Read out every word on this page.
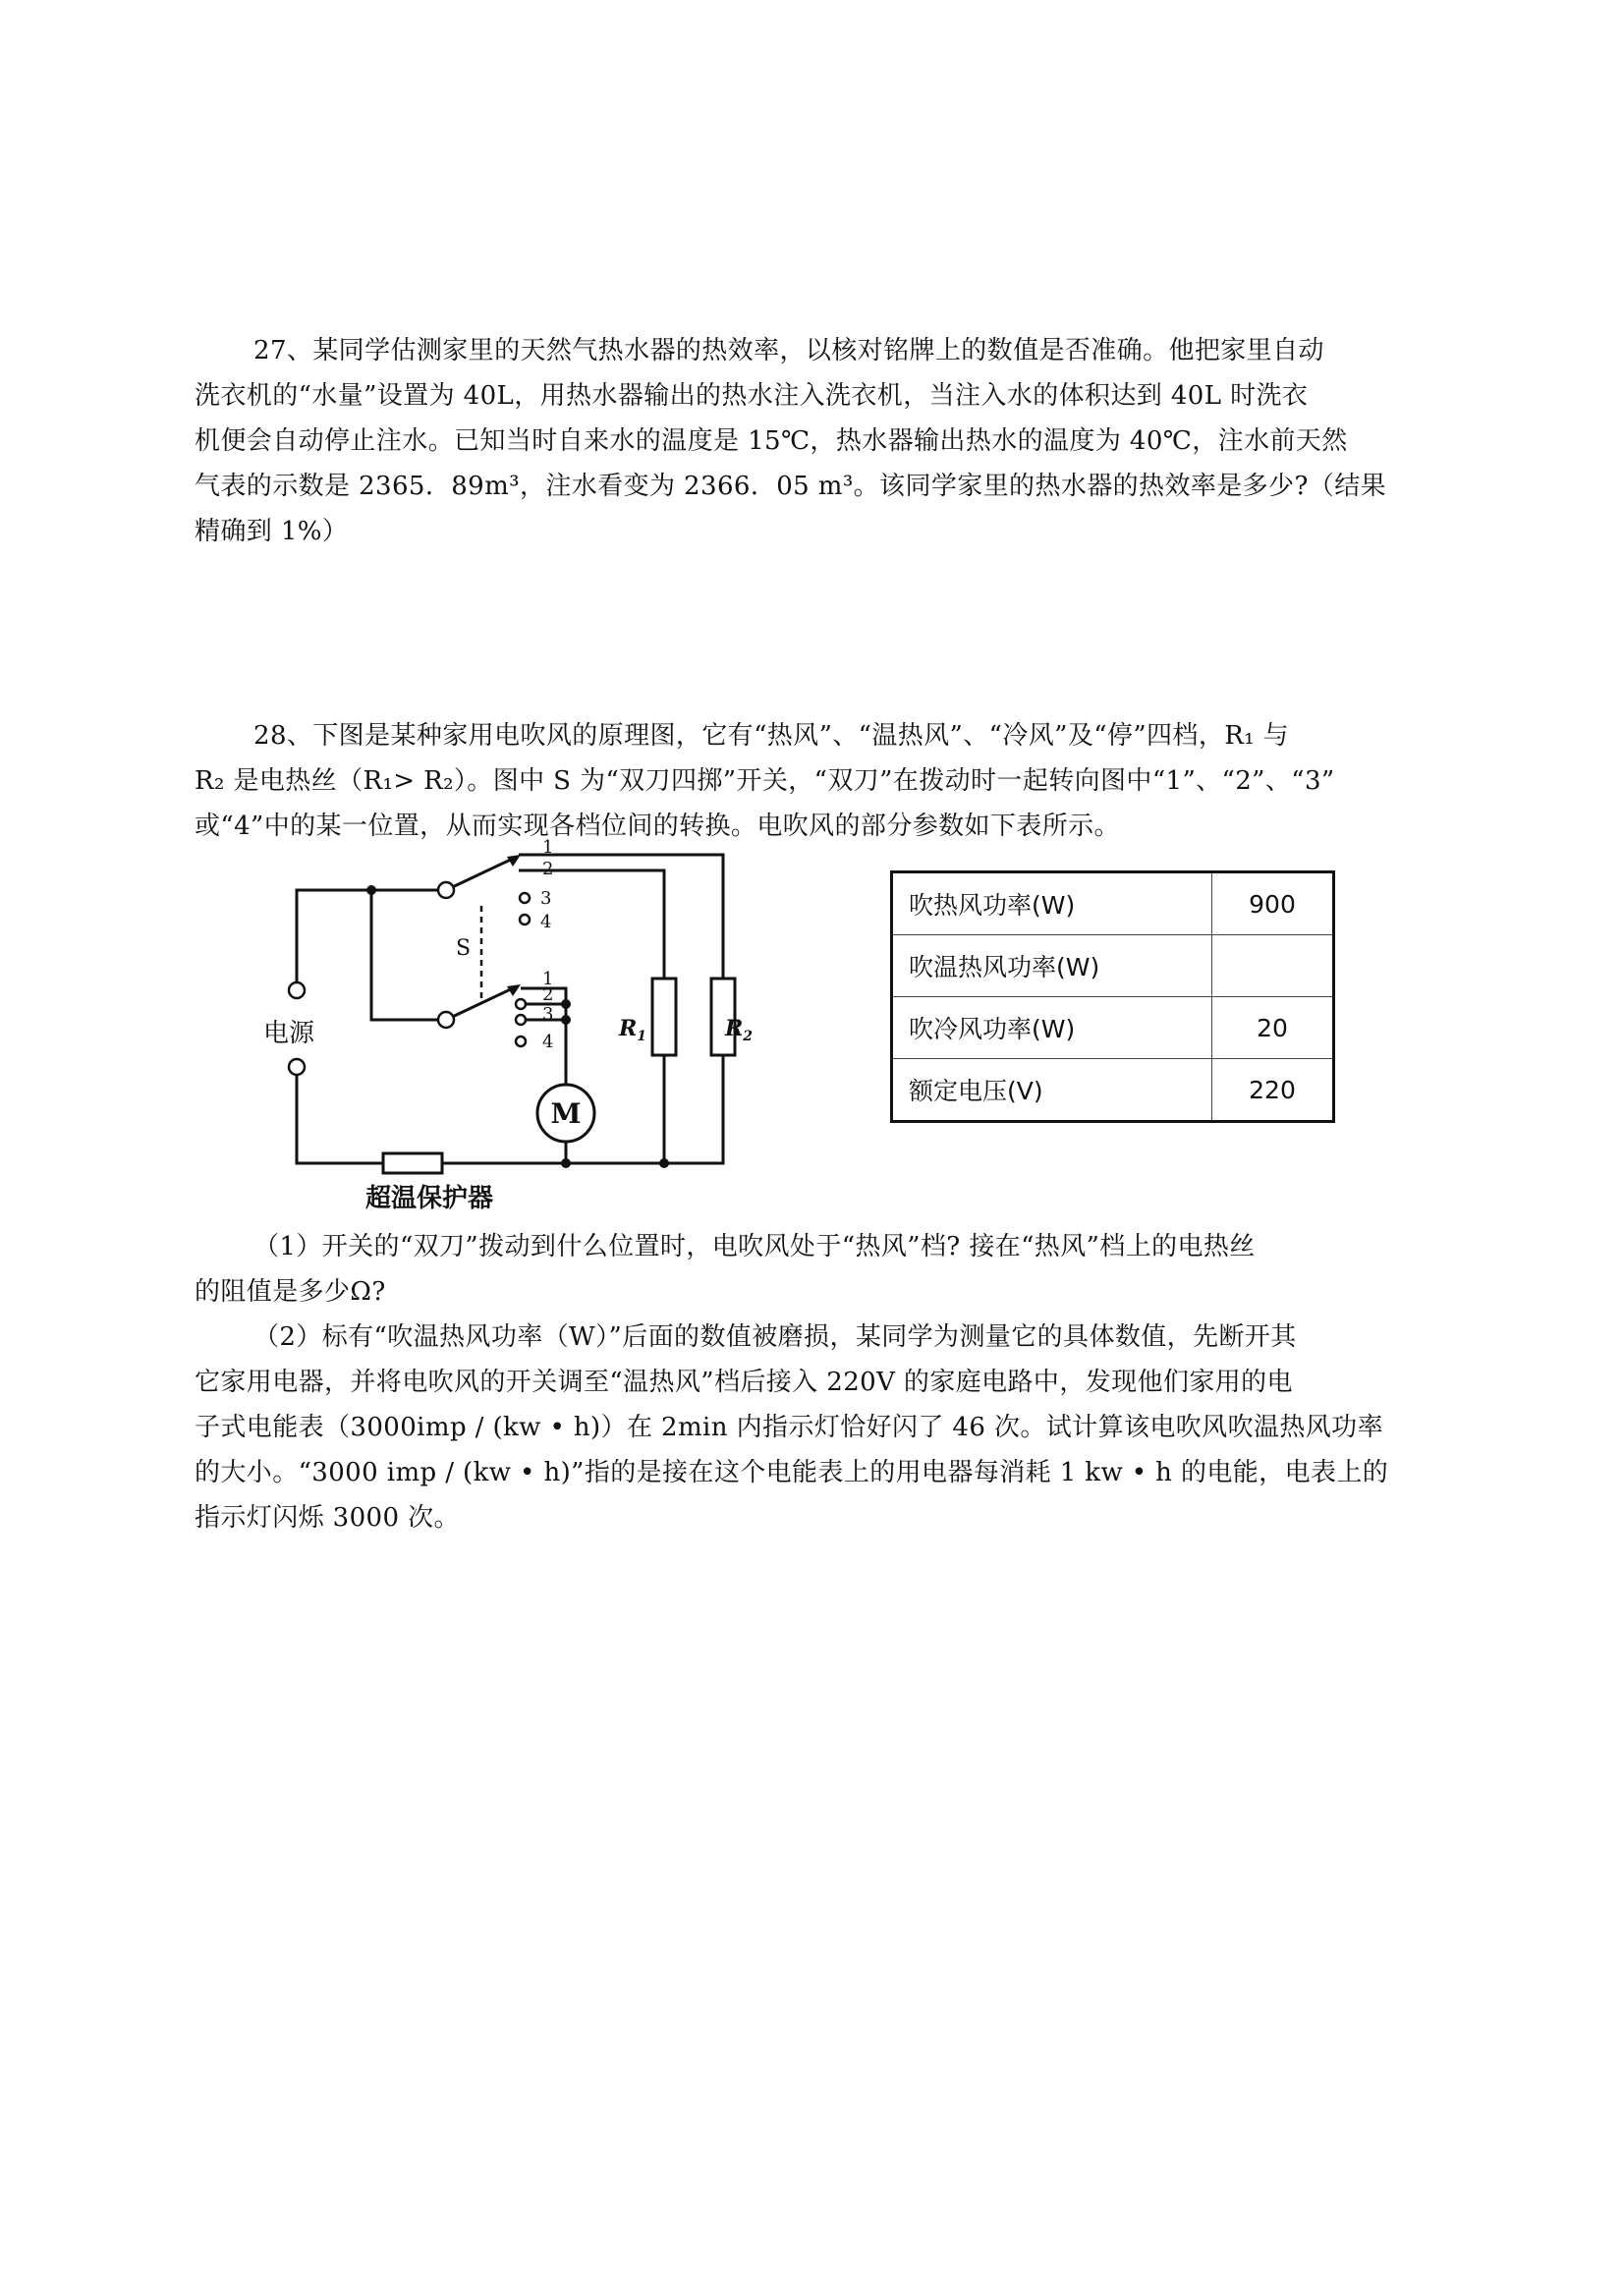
27、某同学估测家里的天然气热水器的热效率，以核对铭牌上的数值是否准确。他把家里自动
洗衣机的“水量”设置为 40L，用热水器输出的热水注入洗衣机，当注入水的体积达到 40L 时洗衣
机便会自动停止注水。已知当时自来水的温度是 15℃，热水器输出热水的温度为 40℃，注水前天然
气表的示数是 2365．89m³，注水看变为 2366．05 m³。该同学家里的热水器的热效率是多少?（结果
精确到 1%）
28、下图是某种家用电吹风的原理图，它有“热风”、“温热风”、“冷风”及“停”四档，R₁ 与
R₂ 是电热丝（R₁> R₂）。图中 S 为“双刀四掷”开关，“双刀”在拨动时一起转向图中“1”、“2”、“3”
或“4”中的某一位置，从而实现各档位间的转换。电吹风的部分参数如下表所示。
M
1
2
3
4
1
2
3
4
S
电源
超温保护器
$R_1$	$R_2$
吹热风功率(W)	900
吹温热风功率(W)	
吹冷风功率(W)	20
额定电压(V)	220
（1）开关的“双刀”拨动到什么位置时，电吹风处于“热风”档? 接在“热风”档上的电热丝
的阻值是多少Ω?
（2）标有“吹温热风功率（W）”后面的数值被磨损，某同学为测量它的具体数值，先断开其
它家用电器，并将电吹风的开关调至“温热风”档后接入 220V 的家庭电路中，发现他们家用的电
子式电能表（3000imp / (kw • h)）在 2min 内指示灯恰好闪了 46 次。试计算该电吹风吹温热风功率
的大小。“3000 imp / (kw • h)”指的是接在这个电能表上的用电器每消耗 1 kw • h 的电能，电表上的
指示灯闪烁 3000 次。
